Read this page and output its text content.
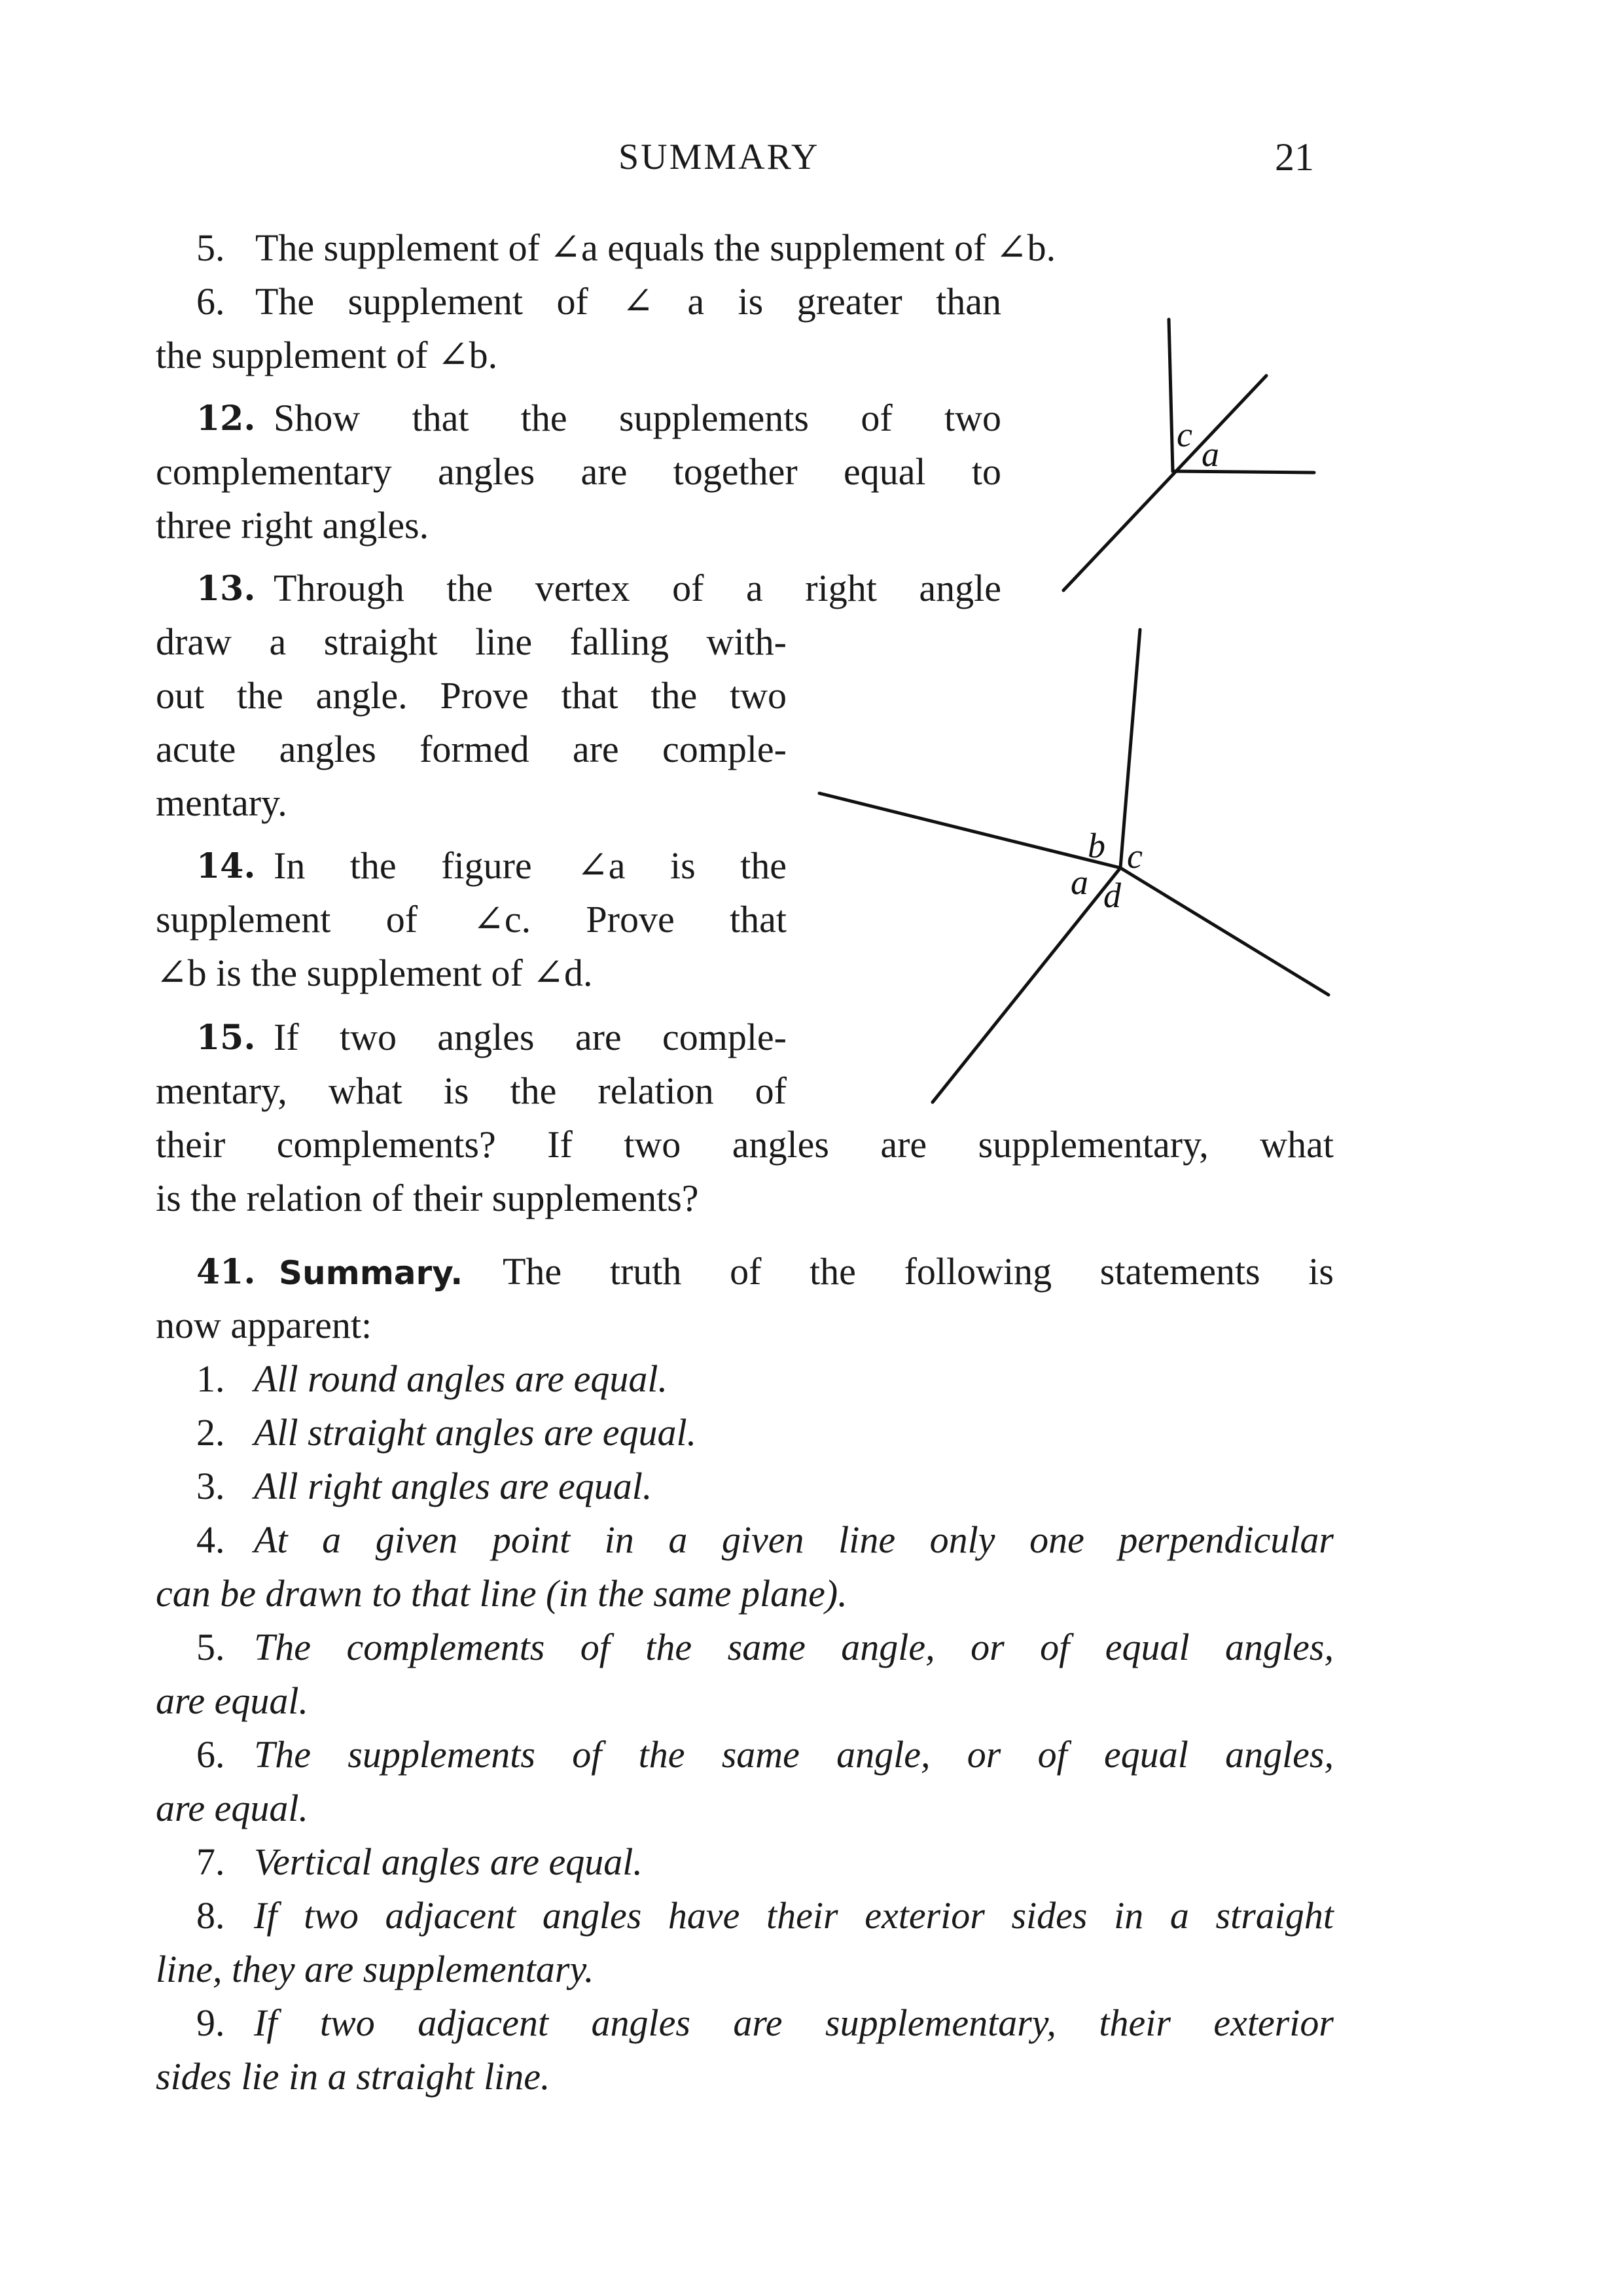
SUMMARY	21
5. The supplement of ∠a equals the supplement of ∠b.
6. The supplement of ∠ a is greater than
the supplement of ∠b.
12. Show that the supplements of two
complementary angles are together equal to
three right angles.
13. Through the vertex of a right angle
draw a straight line falling with-
out the angle. Prove that the two
acute angles formed are comple-
mentary.
14. In the figure ∠a is the
supplement of ∠c. Prove that
∠b is the supplement of ∠d.
15. If two angles are comple-
mentary, what is the relation of
their complements? If two angles are supplementary, what
is the relation of their supplements?
c a
b c
a d
41. Summary. The truth of the following statements is
now apparent:
1. All round angles are equal.
2. All straight angles are equal.
3. All right angles are equal.
4. At a given point in a given line only one perpendicular
can be drawn to that line (in the same plane).
5. The complements of the same angle, or of equal angles,
are equal.
6. The supplements of the same angle, or of equal angles,
are equal.
7. Vertical angles are equal.
8. If two adjacent angles have their exterior sides in a straight
line, they are supplementary.
9. If two adjacent angles are supplementary, their exterior
sides lie in a straight line.
